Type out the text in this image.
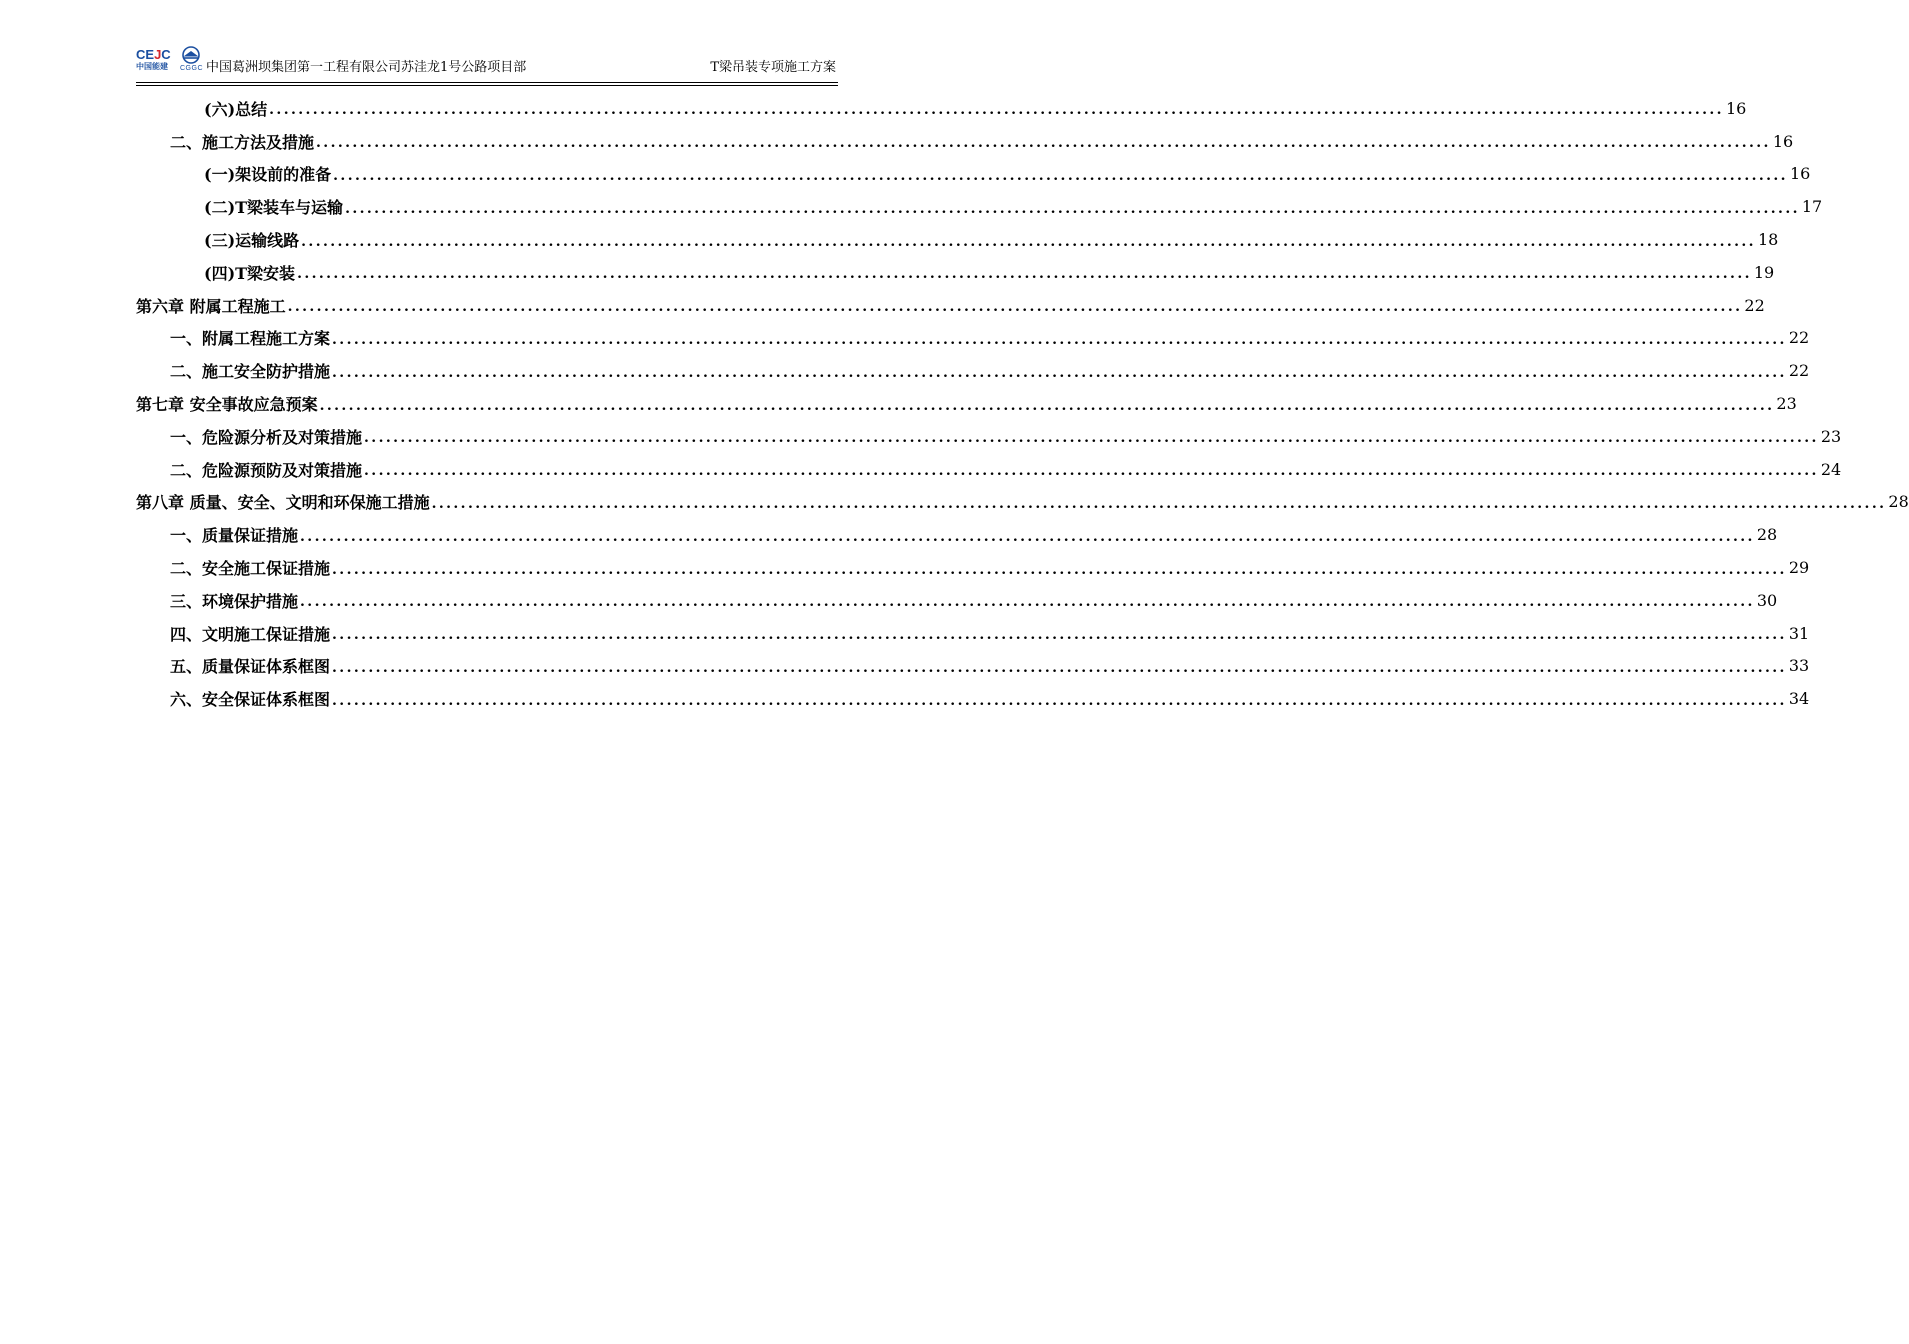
CEJC
中国能建 CGGC 中国葛洲坝集团第一工程有限公司苏洼龙1号公路项目部	T梁吊装专项施工方案
(六)总结 ........................................................................................................................................................................................................ 16
二、施工方法及措施 ........................................................................................................................................................................................................ 16
(一)架设前的准备 ........................................................................................................................................................................................................ 16
(二)T梁装车与运输 ........................................................................................................................................................................................................ 17
(三)运输线路 ........................................................................................................................................................................................................ 18
(四)T梁安装 ........................................................................................................................................................................................................ 19
第六章 附属工程施工 ........................................................................................................................................................................................................ 22
一、附属工程施工方案 ........................................................................................................................................................................................................ 22
二、施工安全防护措施 ........................................................................................................................................................................................................ 22
第七章 安全事故应急预案 ........................................................................................................................................................................................................ 23
一、危险源分析及对策措施 ........................................................................................................................................................................................................ 23
二、危险源预防及对策措施 ........................................................................................................................................................................................................ 24
第八章 质量、安全、文明和环保施工措施 ........................................................................................................................................................................................................ 28
一、质量保证措施 ........................................................................................................................................................................................................ 28
二、安全施工保证措施 ........................................................................................................................................................................................................ 29
三、环境保护措施 ........................................................................................................................................................................................................ 30
四、文明施工保证措施 ........................................................................................................................................................................................................ 31
五、质量保证体系框图 ........................................................................................................................................................................................................ 33
六、安全保证体系框图 ........................................................................................................................................................................................................ 34
